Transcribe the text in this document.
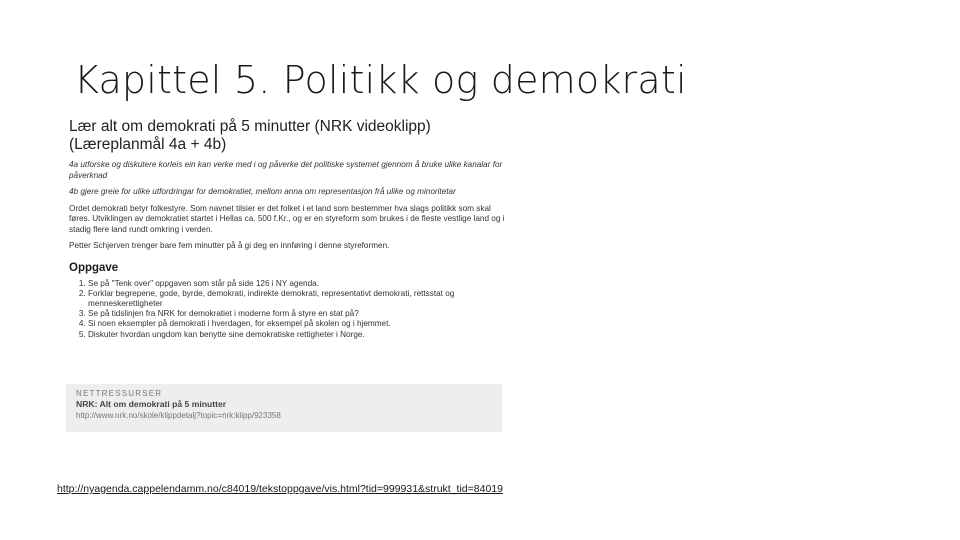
Kapittel 5. Politikk og demokrati
Lær alt om demokrati på 5 minutter (NRK videoklipp)
(Læreplanmål 4a + 4b)

4a utforske og diskutere korleis ein kan verke med i og påverke det politiske systemet gjennom å bruke ulike kanalar for påverknad

4b gjere greie for ulike utfordringar for demokratiet, mellom anna om representasjon frå ulike og minoritetar

Ordet demokrati betyr folkestyre. Som navnet tilsier er det folket i et land som bestemmer hva slags politikk som skal føres. Utviklingen av demokratiet startet i Hellas ca. 500 f.Kr., og er en styreform som brukes i de fleste vestlige land og i stadig flere land rundt omkring i verden.

Petter Schjerven trenger bare fem minutter på å gi deg en innføring i denne styreformen.

Oppgave
1. Se på "Tenk over" oppgaven som står på side 126 i NY agenda.
2. Forklar begrepene, gode, byrde, demokrati, indirekte demokrati, representativt demokrati, rettsstat og menneskerettigheter
3. Se på tidslinjen fra NRK for demokratiet i moderne form å styre en stat på?
4. Si noen eksempler på demokrati i hverdagen, for eksempel på skolen og i hjemmet.
5. Diskuter hvordan ungdom kan benytte sine demokratiske rettigheter i Norge.
NETTRESSURSER
NRK: Alt om demokrati på 5 minutter
http://www.nrk.no/skole/klippdetalj?topic=nrk:klipp/923358
http://nyagenda.cappelendamm.no/c84019/tekstoppgave/vis.html?tid=999931&strukt_tid=84019
